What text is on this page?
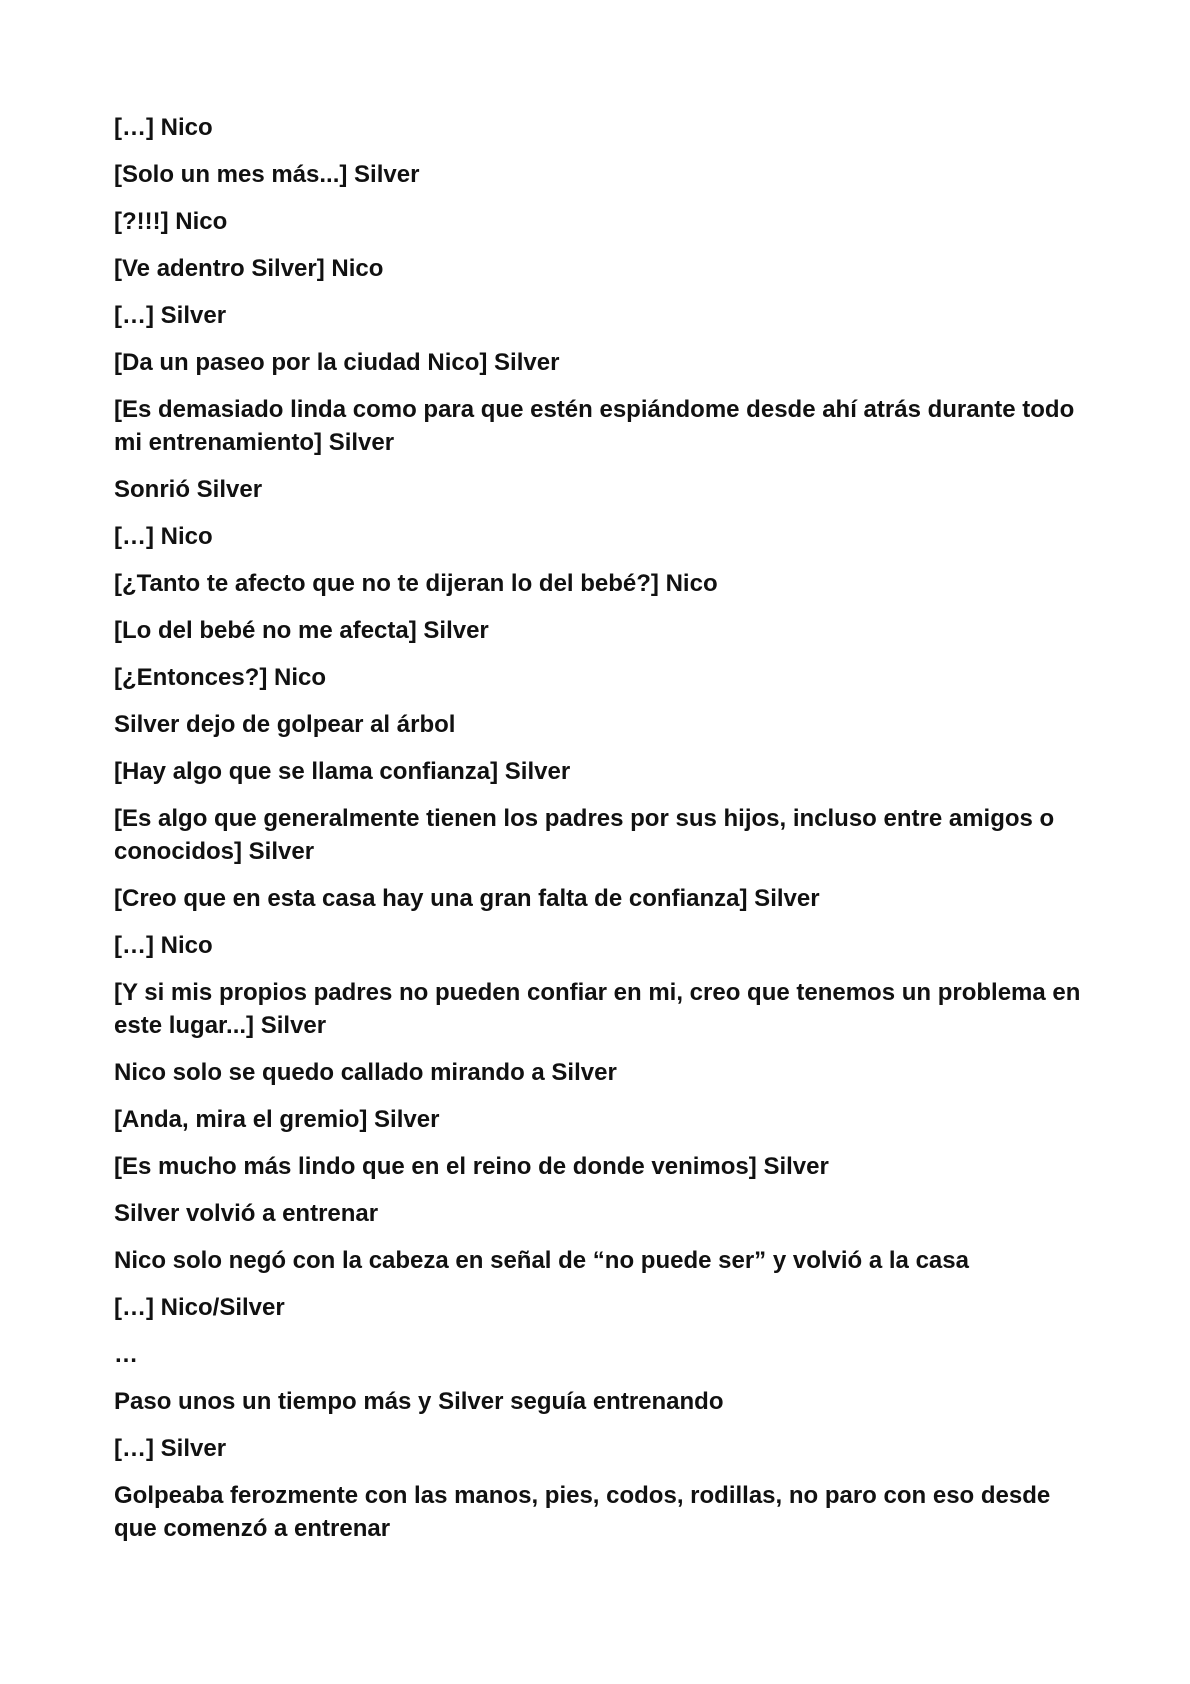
[…] Nico

[Solo un mes más...] Silver

[?!!!] Nico

[Ve adentro Silver] Nico

[…] Silver

[Da un paseo por la ciudad Nico] Silver

[Es demasiado linda como para que estén espiándome desde ahí atrás durante todo mi entrenamiento] Silver

Sonrió Silver

[…] Nico

[¿Tanto te afecto que no te dijeran lo del bebé?] Nico

[Lo del bebé no me afecta] Silver

[¿Entonces?] Nico

Silver dejo de golpear al árbol

[Hay algo que se llama confianza] Silver

[Es algo que generalmente tienen los padres por sus hijos, incluso entre amigos o conocidos] Silver

[Creo que en esta casa hay una gran falta de confianza] Silver

[…] Nico

[Y si mis propios padres no pueden confiar en mi, creo que tenemos un problema en este lugar...] Silver

Nico solo se quedo callado mirando a Silver

[Anda, mira el gremio] Silver

[Es mucho más lindo que en el reino de donde venimos] Silver

Silver volvió a entrenar

Nico solo negó con la cabeza en señal de “no puede ser” y volvió a la casa

[…] Nico/Silver

…

Paso unos un tiempo más y Silver seguía entrenando

[…] Silver

Golpeaba ferozmente con las manos, pies, codos, rodillas, no paro con eso desde que comenzó a entrenar
